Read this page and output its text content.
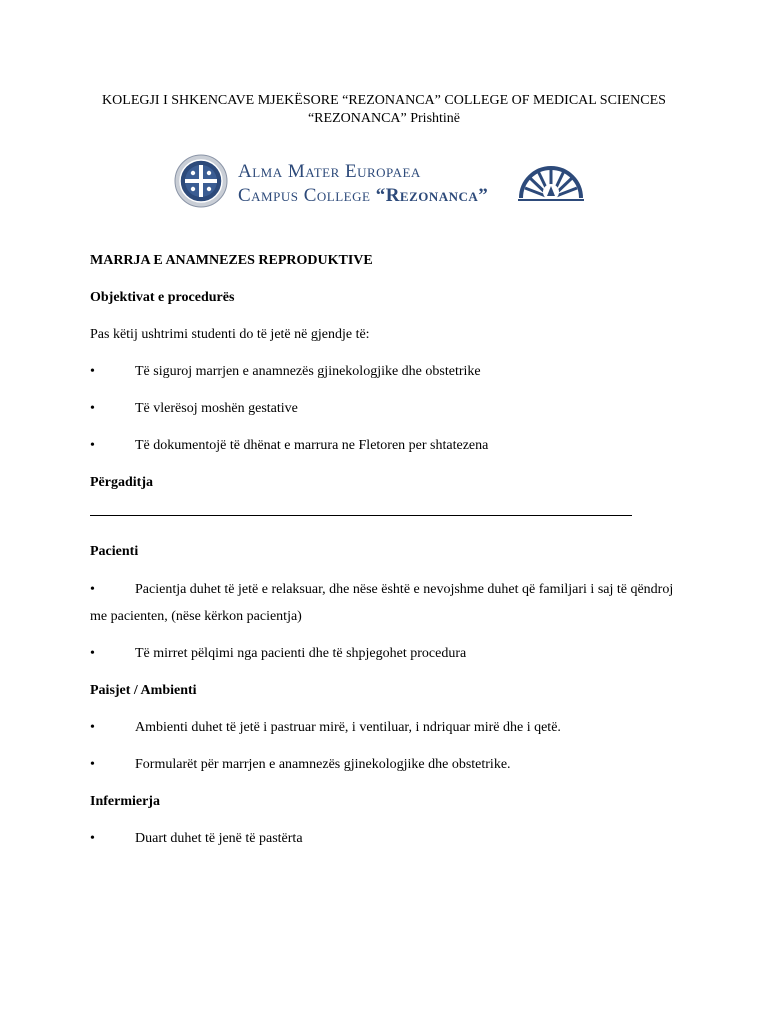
KOLEGJI I SHKENCAVE MJEKËSORE “REZONANCA” COLLEGE OF MEDICAL SCIENCES
“REZONANCA” Prishtinë
Alma Mater Europaea
Campus College “Rezonanca”

MARRJA E ANAMNEZES REPRODUKTIVE

Objektivat e procedurës

Pas këtij ushtrimi studenti do të jetë në gjendje të:

•	Të siguroj marrjen e anamnezës gjinekologjike dhe obstetrike
•	Të vlerësoj moshën gestative
•	Të dokumentojë të dhënat e marrura ne Fletoren per shtatezena

Përgaditja

Pacienti

•	Pacientja duhet të jetë e relaksuar, dhe nëse është e nevojshme duhet që familjari i saj të qëndroj me pacienten, (nëse kërkon pacientja)
•	Të mirret pëlqimi nga pacienti dhe të shpjegohet procedura

Paisjet / Ambienti

•	Ambienti duhet të jetë i pastruar mirë, i ventiluar, i ndriquar mirë dhe i qetë.
•	Formularët për marrjen e anamnezës gjinekologjike dhe obstetrike.

Infermierja

•	Duart duhet të jenë të pastërta
